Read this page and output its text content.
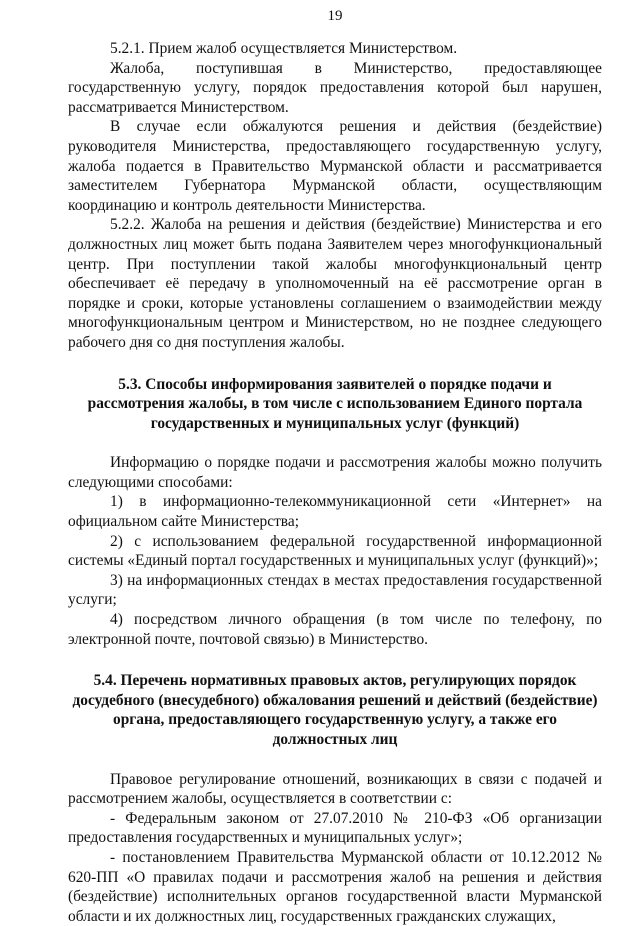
19

5.2.1. Прием жалоб осуществляется Министерством.

Жалоба, поступившая в Министерство, предоставляющее государственную услугу, порядок предоставления которой был нарушен, рассматривается Министерством.

В случае если обжалуются решения и действия (бездействие) руководителя Министерства, предоставляющего государственную услугу, жалоба подается в Правительство Мурманской области и рассматривается заместителем Губернатора Мурманской области, осуществляющим координацию и контроль деятельности Министерства.

5.2.2. Жалоба на решения и действия (бездействие) Министерства и его должностных лиц может быть подана Заявителем через многофункциональный центр. При поступлении такой жалобы многофункциональный центр обеспечивает её передачу в уполномоченный на её рассмотрение орган в порядке и сроки, которые установлены соглашением о взаимодействии между многофункциональным центром и Министерством, но не позднее следующего рабочего дня со дня поступления жалобы.

5.3. Способы информирования заявителей о порядке подачи и рассмотрения жалобы, в том числе с использованием Единого портала государственных и муниципальных услуг (функций)

Информацию о порядке подачи и рассмотрения жалобы можно получить следующими способами:

1) в информационно-телекоммуникационной сети «Интернет» на официальном сайте Министерства;

2) с использованием федеральной государственной информационной системы «Единый портал государственных и муниципальных услуг (функций)»;

3) на информационных стендах в местах предоставления государственной услуги;

4) посредством личного обращения (в том числе по телефону, по электронной почте, почтовой связью) в Министерство.

5.4. Перечень нормативных правовых актов, регулирующих порядок досудебного (внесудебного) обжалования решений и действий (бездействие) органа, предоставляющего государственную услугу, а также его должностных лиц

Правовое регулирование отношений, возникающих в связи с подачей и рассмотрением жалобы, осуществляется в соответствии с:

- Федеральным законом от 27.07.2010 № 210-ФЗ «Об организации предоставления государственных и муниципальных услуг»;

- постановлением Правительства Мурманской области от 10.12.2012 № 620-ПП «О правилах подачи и рассмотрения жалоб на решения и действия (бездействие) исполнительных органов государственной власти Мурманской области и их должностных лиц, государственных гражданских служащих,
